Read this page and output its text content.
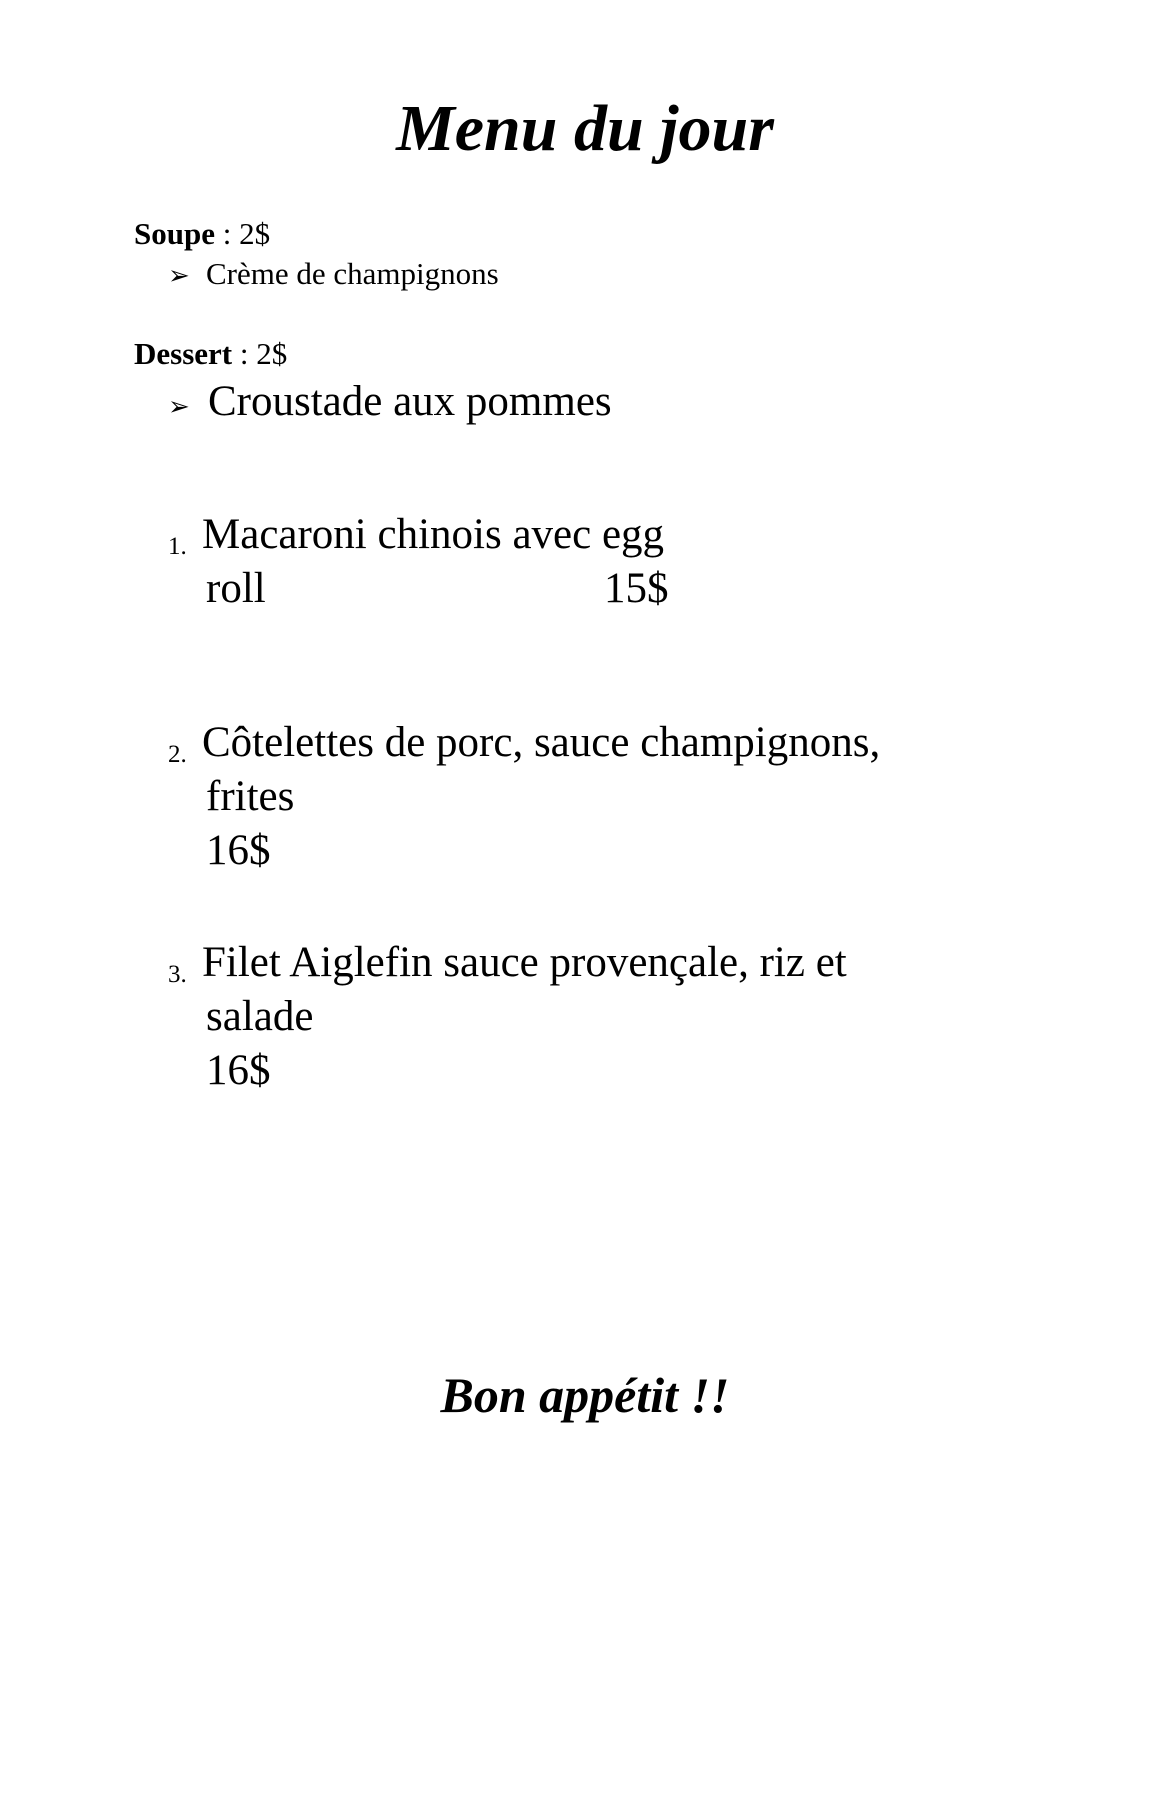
Menu du jour
Soupe : 2$
➢ Crème de champignons
Dessert : 2$
➢ Croustade aux pommes
1. Macaroni chinois avec egg
roll	15$
2. Côtelettes de porc, sauce champignons,
frites
16$
3. Filet Aiglefin sauce provençale, riz et
salade
16$
Bon appétit !!
